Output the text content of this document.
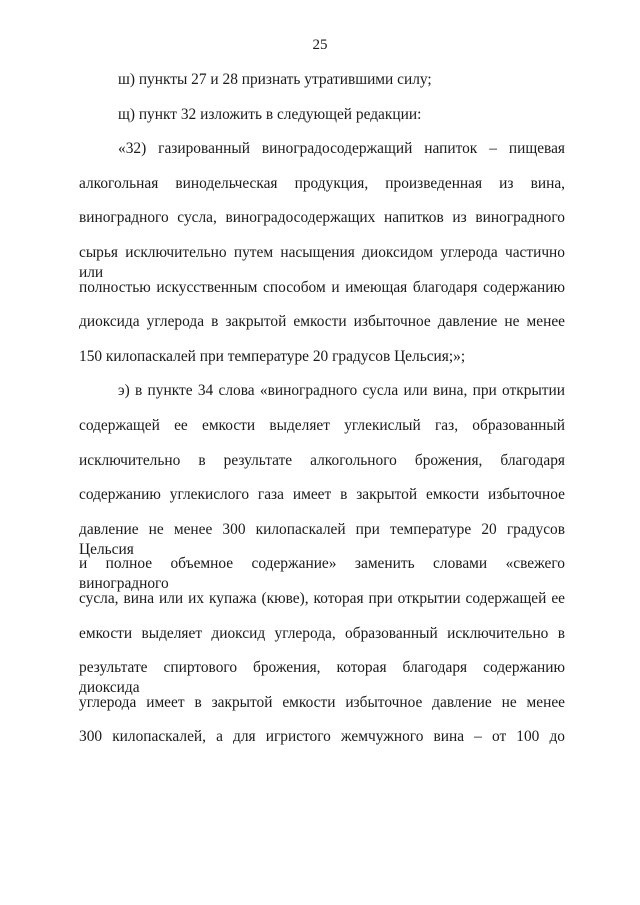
25
ш) пункты 27 и 28 признать утратившими силу;
щ) пункт 32 изложить в следующей редакции:
«32) газированный виноградосодержащий напиток – пищевая
алкогольная винодельческая продукция, произведенная из вина,
виноградного сусла, виноградосодержащих напитков из виноградного
сырья исключительно путем насыщения диоксидом углерода частично или
полностью искусственным способом и имеющая благодаря содержанию
диоксида углерода в закрытой емкости избыточное давление не менее
150 килопаскалей при температуре 20 градусов Цельсия;»;
э) в пункте 34 слова «виноградного сусла или вина, при открытии
содержащей ее емкости выделяет углекислый газ, образованный
исключительно в результате алкогольного брожения, благодаря
содержанию углекислого газа имеет в закрытой емкости избыточное
давление не менее 300 килопаскалей при температуре 20 градусов Цельсия
и полное объемное содержание» заменить словами «свежего виноградного
сусла, вина или их купажа (кюве), которая при открытии содержащей ее
емкости выделяет диоксид углерода, образованный исключительно в
результате спиртового брожения, которая благодаря содержанию диоксида
углерода имеет в закрытой емкости избыточное давление не менее
300 килопаскалей, а для игристого жемчужного вина – от 100 до
